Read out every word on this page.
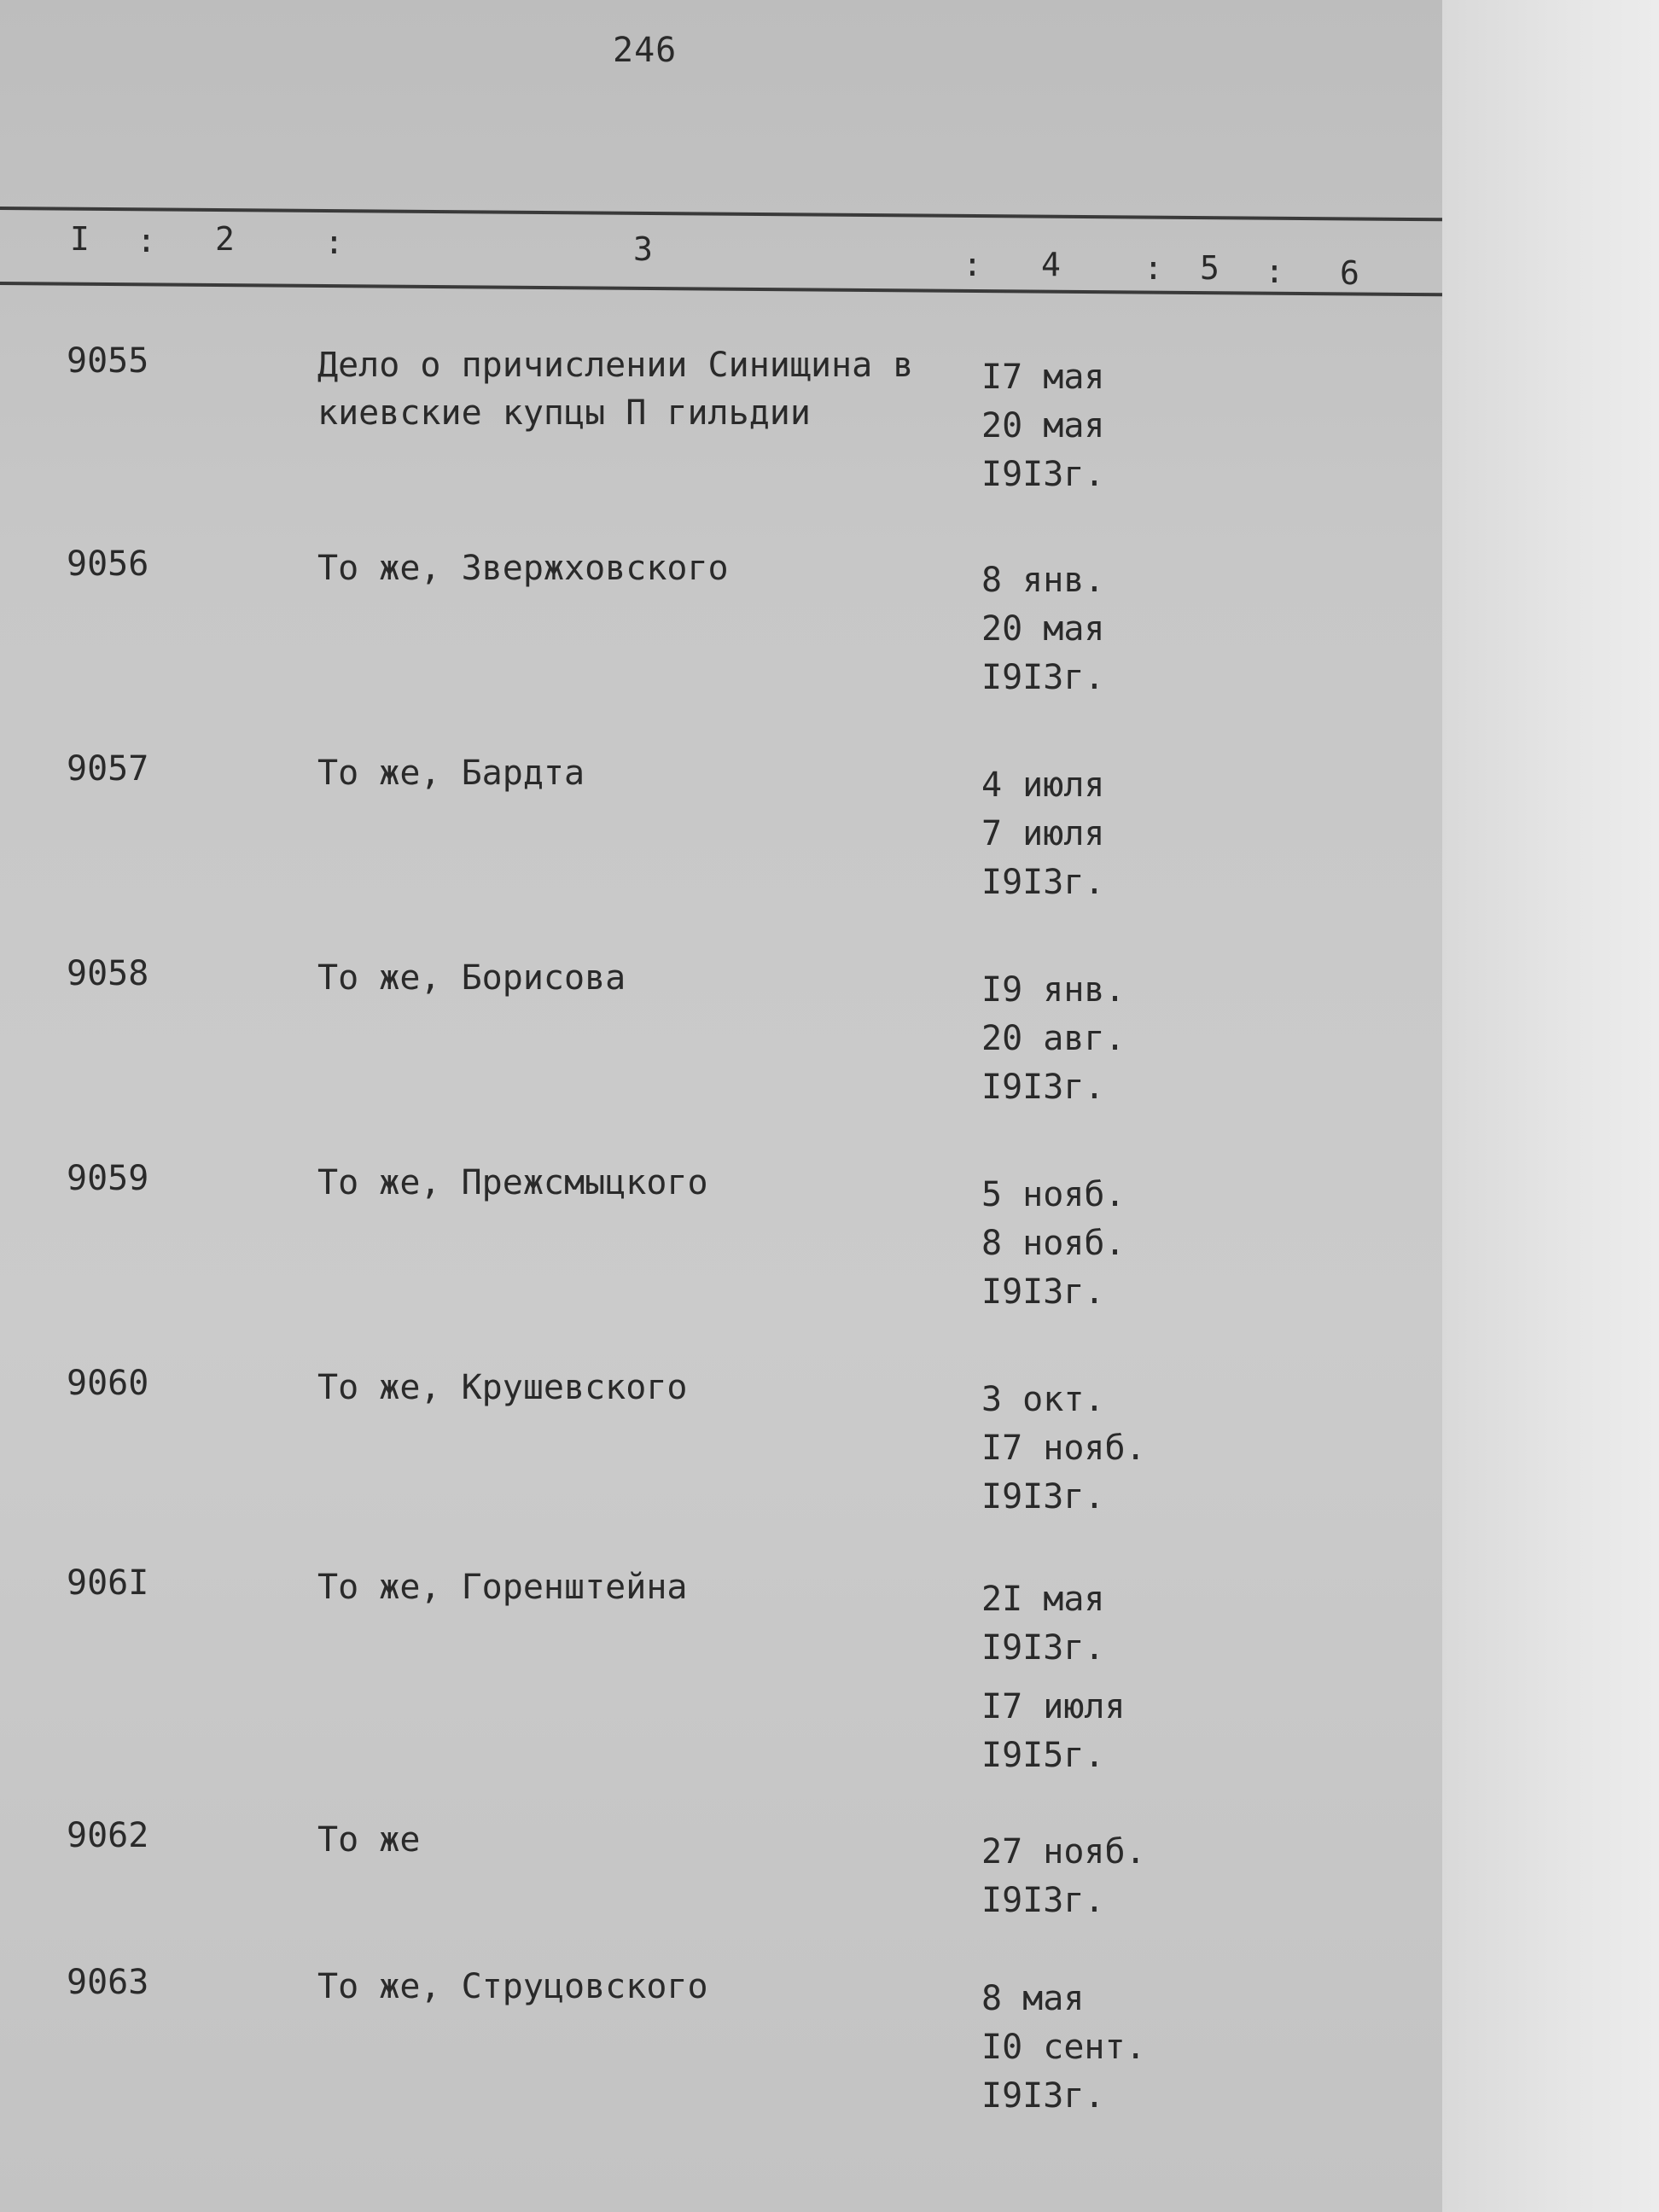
246
I : 2	:	3	: 4	: 5 : 6
9055	Дело о причислении Синищина в
киевские купцы П гильдии
I7 мая
20 мая
I9I3г.
9056	То же, Звержховского	8 янв.
20 мая
I9I3г.
9057	То же, Бардта	4 июля
7 июля
I9I3г.
9058	То же, Борисова	I9 янв.
20 авг.
I9I3г.
9059	То же, Прежсмыцкого	5 нояб.
8 нояб.
I9I3г.
9060	То же, Крушевского	3 окт.
I7 нояб.
I9I3г.
906I	То же, Горенштейна	2I мая
I9I3г.
I7 июля
I9I5г.
9062	То же	27 нояб.
I9I3г.
9063	То же, Струцовского	8 мая
I0 сент.
I9I3г.
